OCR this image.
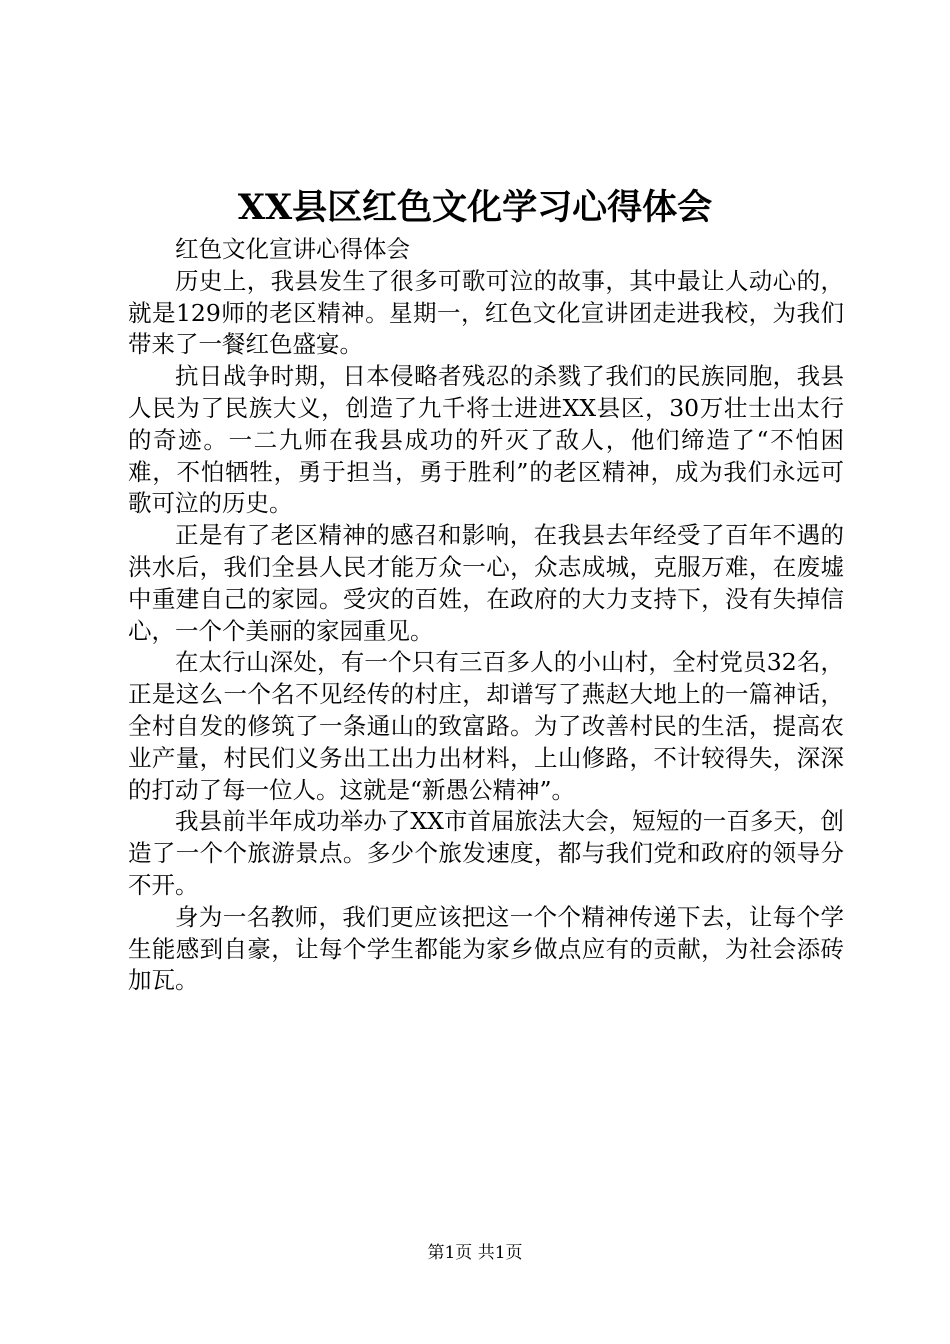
XX县区红色文化学习心得体会

红色文化宣讲心得体会

历史上，我县发生了很多可歌可泣的故事，其中最让人动心的，就是129师的老区精神。星期一，红色文化宣讲团走进我校，为我们带来了一餐红色盛宴。

抗日战争时期，日本侵略者残忍的杀戮了我们的民族同胞，我县人民为了民族大义，创造了九千将士进进XX县区，30万壮士出太行的奇迹。一二九师在我县成功的歼灭了敌人，他们缔造了“不怕困难，不怕牺牲，勇于担当，勇于胜利”的老区精神，成为我们永远可歌可泣的历史。

正是有了老区精神的感召和影响，在我县去年经受了百年不遇的洪水后，我们全县人民才能万众一心，众志成城，克服万难，在废墟中重建自己的家园。受灾的百姓，在政府的大力支持下，没有失掉信心，一个个美丽的家园重见。

在太行山深处，有一个只有三百多人的小山村，全村党员32名，正是这么一个名不见经传的村庄，却谱写了燕赵大地上的一篇神话，全村自发的修筑了一条通山的致富路。为了改善村民的生活，提高农业产量，村民们义务出工出力出材料，上山修路，不计较得失，深深的打动了每一位人。这就是“新愚公精神”。

我县前半年成功举办了XX市首届旅法大会，短短的一百多天，创造了一个个旅游景点。多少个旅发速度，都与我们党和政府的领导分不开。

身为一名教师，我们更应该把这一个个精神传递下去，让每个学生能感到自豪，让每个学生都能为家乡做点应有的贡献，为社会添砖加瓦。

第1页 共1页
